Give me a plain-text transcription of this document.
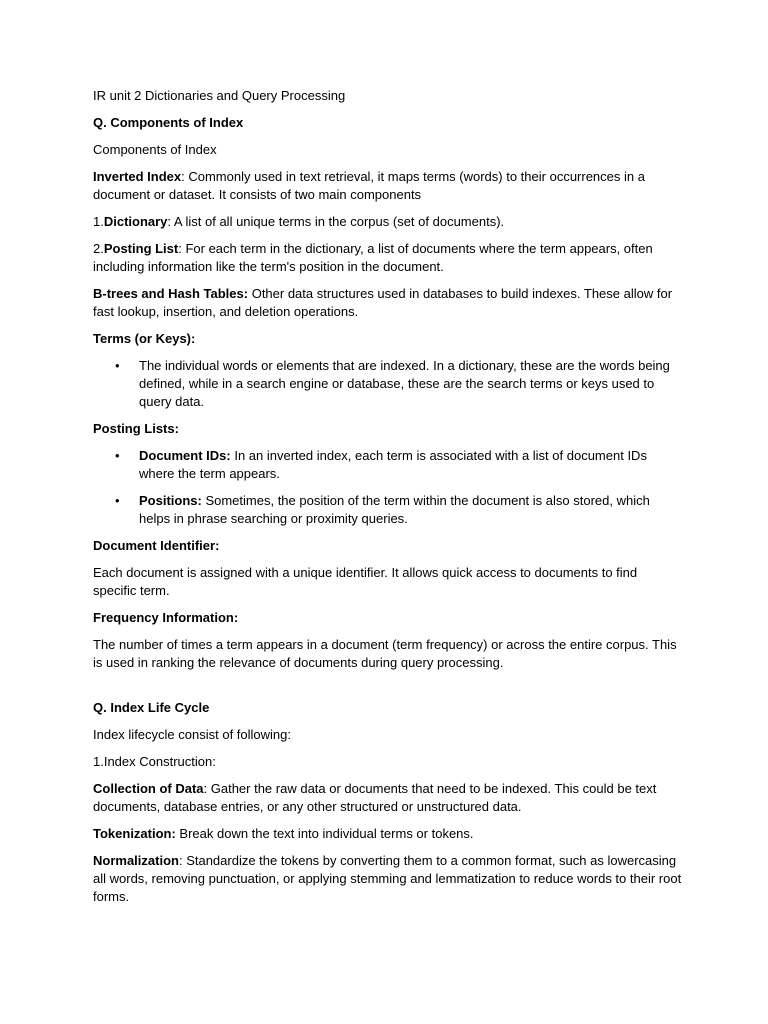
IR unit 2 Dictionaries and Query Processing

Q. Components of Index

Components of Index

Inverted Index: Commonly used in text retrieval, it maps terms (words) to their occurrences in a document or dataset. It consists of two main components

1.Dictionary: A list of all unique terms in the corpus (set of documents).

2.Posting List: For each term in the dictionary, a list of documents where the term appears, often including information like the term's position in the document.

B-trees and Hash Tables: Other data structures used in databases to build indexes. These allow for fast lookup, insertion, and deletion operations.

Terms (or Keys):

• The individual words or elements that are indexed. In a dictionary, these are the words being defined, while in a search engine or database, these are the search terms or keys used to query data.

Posting Lists:

• Document IDs: In an inverted index, each term is associated with a list of document IDs where the term appears.
• Positions: Sometimes, the position of the term within the document is also stored, which helps in phrase searching or proximity queries.

Document Identifier:

Each document is assigned with a unique identifier. It allows quick access to documents to find specific term.

Frequency Information:

The number of times a term appears in a document (term frequency) or across the entire corpus. This is used in ranking the relevance of documents during query processing.

Q. Index Life Cycle

Index lifecycle consist of following:

1.Index Construction:

Collection of Data: Gather the raw data or documents that need to be indexed. This could be text documents, database entries, or any other structured or unstructured data.

Tokenization: Break down the text into individual terms or tokens.

Normalization: Standardize the tokens by converting them to a common format, such as lowercasing all words, removing punctuation, or applying stemming and lemmatization to reduce words to their root forms.
